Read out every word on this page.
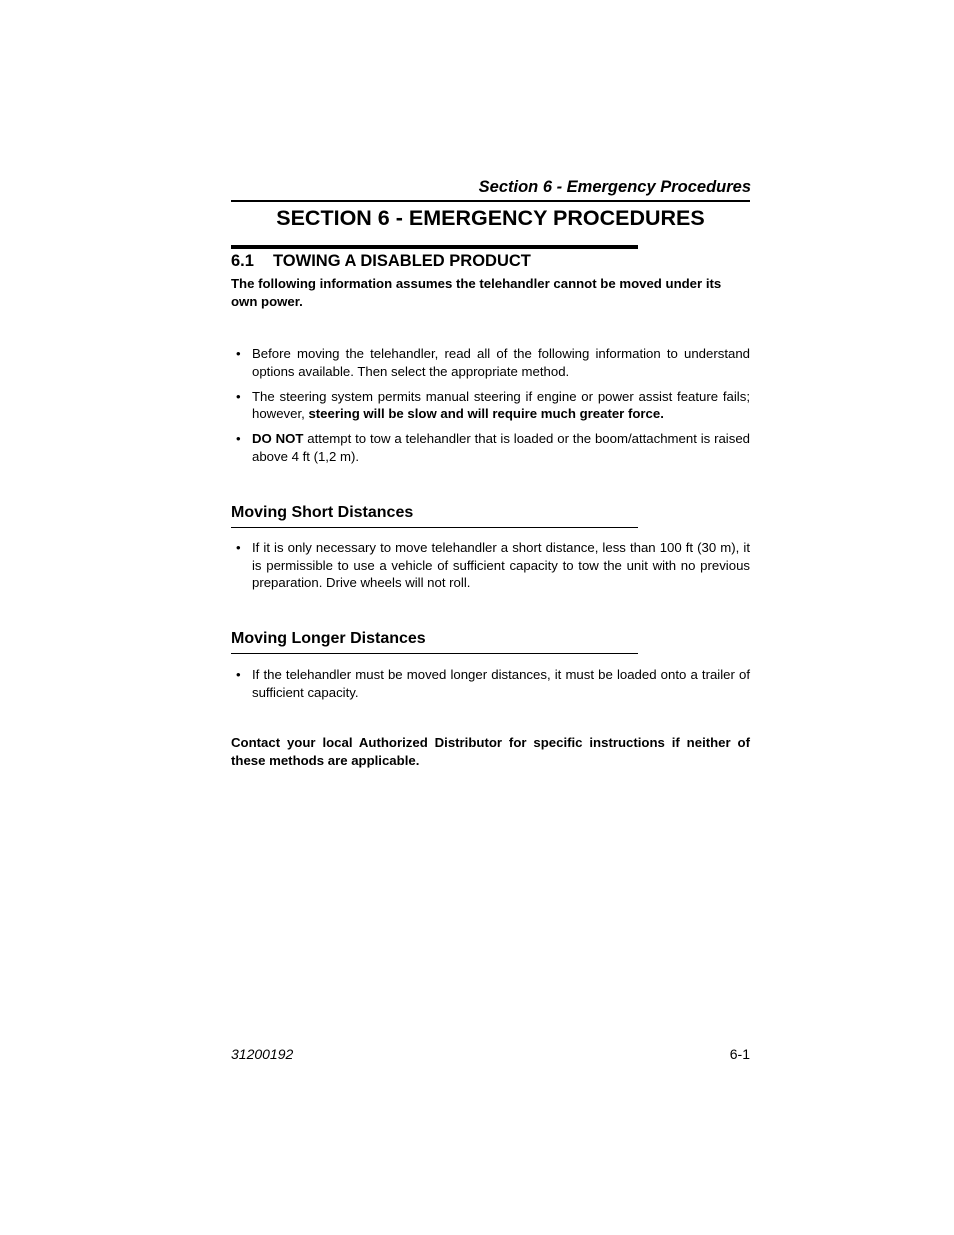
Section 6 - Emergency Procedures
SECTION 6 - EMERGENCY PROCEDURES
6.1 TOWING A DISABLED PRODUCT
The following information assumes the telehandler cannot be moved under its own power.
• Before moving the telehandler, read all of the following information to understand options available. Then select the appropriate method.
• The steering system permits manual steering if engine or power assist feature fails; however, steering will be slow and will require much greater force.
• DO NOT attempt to tow a telehandler that is loaded or the boom/attachment is raised above 4 ft (1,2 m).
Moving Short Distances
• If it is only necessary to move telehandler a short distance, less than 100 ft (30 m), it is permissible to use a vehicle of sufficient capacity to tow the unit with no previous preparation. Drive wheels will not roll.
Moving Longer Distances
• If the telehandler must be moved longer distances, it must be loaded onto a trailer of sufficient capacity.
Contact your local Authorized Distributor for specific instructions if neither of these methods are applicable.
31200192	6-1
